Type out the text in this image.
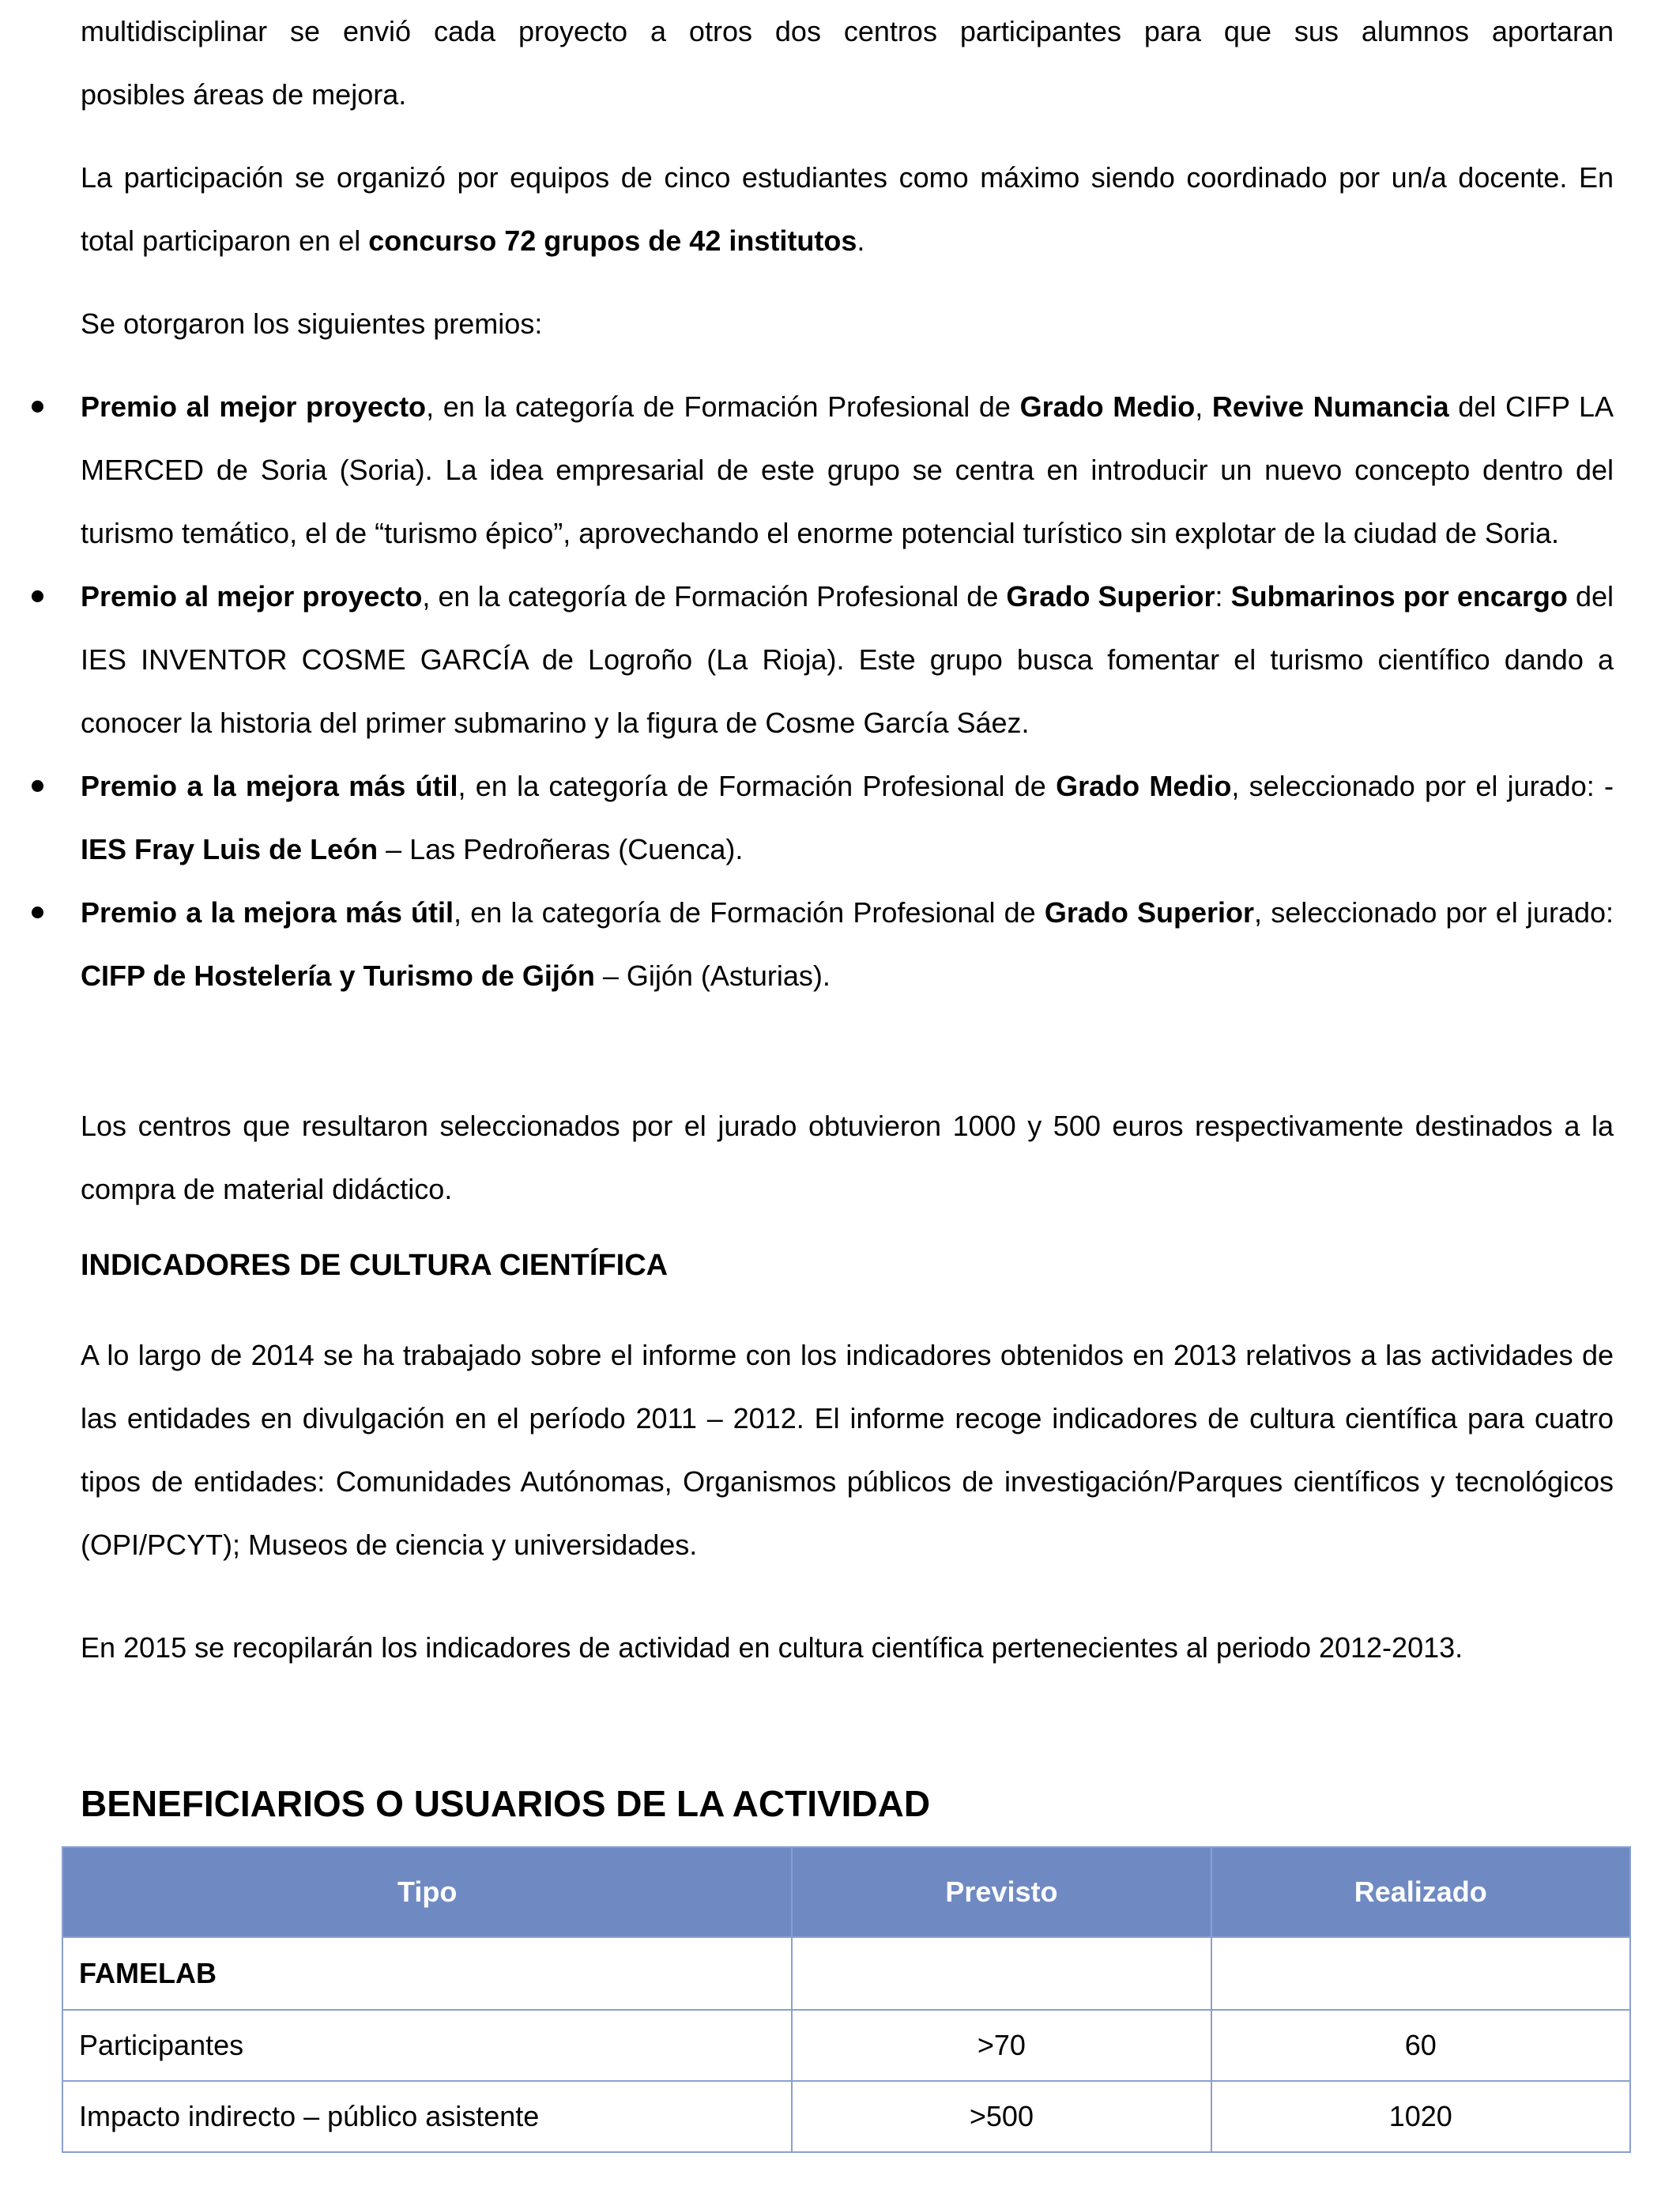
multidisciplinar se envió cada proyecto a otros dos centros participantes para que sus alumnos aportaran

posibles áreas de mejora.

La participación se organizó por equipos de cinco estudiantes como máximo siendo coordinado por un/a docente. En total participaron en el concurso 72 grupos de 42 institutos.

Se otorgaron los siguientes premios:

Premio al mejor proyecto, en la categoría de Formación Profesional de Grado Medio, Revive Numancia del CIFP LA MERCED de Soria (Soria). La idea empresarial de este grupo se centra en introducir un nuevo concepto dentro del turismo temático, el de “turismo épico”, aprovechando el enorme potencial turístico sin explotar de la ciudad de Soria.
Premio al mejor proyecto, en la categoría de Formación Profesional de Grado Superior: Submarinos por encargo del IES INVENTOR COSME GARCÍA de Logroño (La Rioja). Este grupo busca fomentar el turismo científico dando a conocer la historia del primer submarino y la figura de Cosme García Sáez.
Premio a la mejora más útil, en la categoría de Formación Profesional de Grado Medio, seleccionado por el jurado: - IES Fray Luis de León – Las Pedroñeras (Cuenca).
Premio a la mejora más útil, en la categoría de Formación Profesional de Grado Superior, seleccionado por el jurado: CIFP de Hostelería y Turismo de Gijón – Gijón (Asturias).

Los centros que resultaron seleccionados por el jurado obtuvieron 1000 y 500 euros respectivamente destinados a la compra de material didáctico.

INDICADORES DE CULTURA CIENTÍFICA

A lo largo de 2014 se ha trabajado sobre el informe con los indicadores obtenidos en 2013 relativos a las actividades de las entidades en divulgación en el período 2011 – 2012. El informe recoge indicadores de cultura científica para cuatro tipos de entidades: Comunidades Autónomas, Organismos públicos de investigación/Parques científicos y tecnológicos (OPI/PCYT); Museos de ciencia y universidades.

En 2015 se recopilarán los indicadores de actividad en cultura científica pertenecientes al periodo 2012-2013.

BENEFICIARIOS O USUARIOS DE LA ACTIVIDAD
Tipo	Previsto	Realizado
FAMELAB		
Participantes	>70	60
Impacto indirecto – público asistente	>500	1020
